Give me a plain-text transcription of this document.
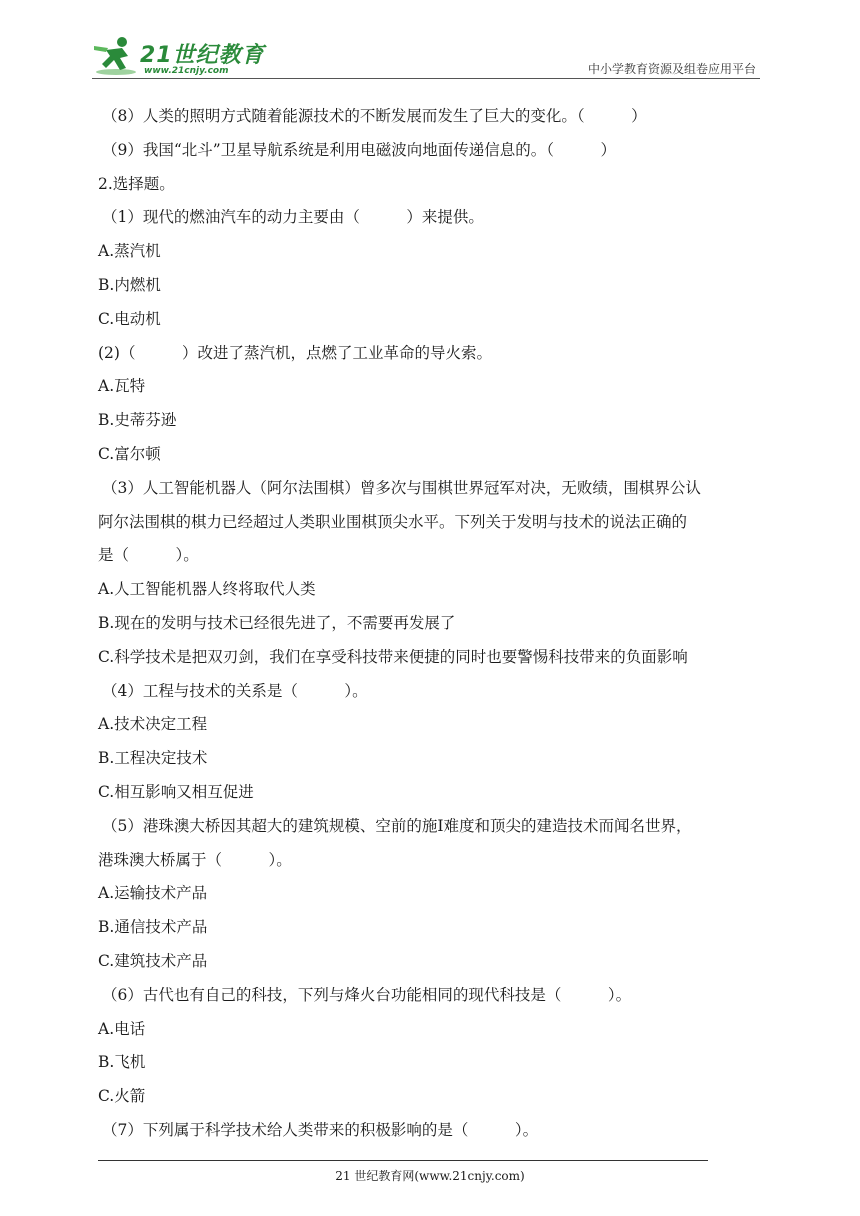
21世纪教育
www.21cnjy.com	中小学教育资源及组卷应用平台
（8）人类的照明方式随着能源技术的不断发展而发生了巨大的变化。（　　　）
（9）我国“北斗”卫星导航系统是利用电磁波向地面传递信息的。（　　　）
2.选择题。
（1）现代的燃油汽车的动力主要由（　　　）来提供。
A.蒸汽机
B.内燃机
C.电动机
(2)（　　　）改进了蒸汽机，点燃了工业革命的导火索。
A.瓦特
B.史蒂芬逊
C.富尔顿
（3）人工智能机器人（阿尔法围棋）曾多次与围棋世界冠军对决，无败绩，围棋界公认
阿尔法围棋的棋力已经超过人类职业围棋顶尖水平。下列关于发明与技术的说法正确的
是（　　　）。
A.人工智能机器人终将取代人类
B.现在的发明与技术已经很先进了，不需要再发展了
C.科学技术是把双刃剑，我们在享受科技带来便捷的同时也要警惕科技带来的负面影响
（4）工程与技术的关系是（　　　）。
A.技术决定工程
B.工程决定技术
C.相互影响又相互促进
（5）港珠澳大桥因其超大的建筑规模、空前的施Ⅰ难度和顶尖的建造技术而闻名世界，
港珠澳大桥属于（　　　）。
A.运输技术产品
B.通信技术产品
C.建筑技术产品
（6）古代也有自己的科技，下列与烽火台功能相同的现代科技是（　　　）。
A.电话
B.飞机
C.火箭
（7）下列属于科学技术给人类带来的积极影响的是（　　　）。
21 世纪教育网(www.21cnjy.com)
